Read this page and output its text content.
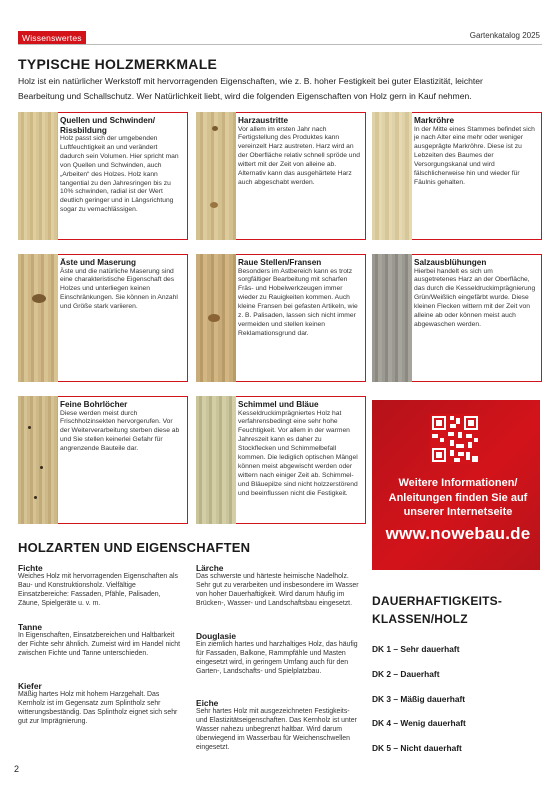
Wissenswertes	Gartenkatalog 2025
TYPISCHE HOLZMERKMALE
Holz ist ein natürlicher Werkstoff mit hervorragenden Eigenschaften, wie z. B. hoher Festigkeit bei guter Elastizität, leichter Bearbeitung und Schallschutz. Wer Natürlichkeit liebt, wird die folgenden Eigenschaften von Holz gern in Kauf nehmen.
Quellen und Schwinden/ Rissbildung
Holz passt sich der umgebenden Luftfeuchtigkeit an und verändert dadurch sein Volumen. Hier spricht man von Quellen und Schwinden, auch „Arbeiten“ des Holzes. Holz kann tangential zu den Jahresringen bis zu 10% schwinden, radial ist der Wert deutlich geringer und in Längsrichtung sogar zu vernachlässigen.
Harzaustritte
Vor allem im ersten Jahr nach Fertigstellung des Produktes kann vereinzelt Harz austreten. Harz wird an der Oberfläche relativ schnell spröde und wittert mit der Zeit von alleine ab. Alternativ kann das ausgehärtete Harz auch abgeschabt werden.
Markröhre
In der Mitte eines Stammes befindet sich je nach Alter eine mehr oder weniger ausgeprägte Markröhre. Diese ist zu Lebzeiten des Baumes der Versorgungskanal und wird fälschlicherweise hin und wieder für Fäulnis gehalten.
Äste und Maserung
Äste und die natürliche Maserung sind eine charakteristische Eigenschaft des Holzes und unterliegen keinen Einschränkungen. Sie können in Anzahl und Größe stark variieren.
Raue Stellen/Fransen
Besonders im Astbereich kann es trotz sorgfältiger Bearbeitung mit scharfen Fräs- und Hobelwerkzeugen immer wieder zu Rauigkeiten kommen. Auch kleine Fransen bei gefasten Artikeln, wie z. B. Palisaden, lassen sich nicht immer vermeiden und stellen keinen Reklamationsgrund dar.
Salzausblühungen
Hierbei handelt es sich um ausgetretenes Harz an der Oberfläche, das durch die Kesseldruckimprägnierung Grün/Weißlich eingefärbt wurde. Diese kleinen Flecken wittern mit der Zeit von alleine ab oder können meist auch abgewaschen werden.
Feine Bohrlöcher
Diese werden meist durch Frischholzinsekten hervorgerufen. Vor der Weiterverarbeitung sterben diese ab und Sie stellen keinerlei Gefahr für angrenzende Bauteile dar.
Schimmel und Bläue
Kesseldruckimprägniertes Holz hat verfahrensbedingt eine sehr hohe Feuchtigkeit. Vor allem in der warmen Jahreszeit kann es daher zu Stockflecken und Schimmelbefall kommen. Die lediglich optischen Mängel können meist abgewischt werden oder wittern nach einiger Zeit ab. Schimmel- und Bläuepilze sind nicht holzzerstörend und beeinflussen nicht die Festigkeit.
Weitere Informationen/ Anleitungen finden Sie auf unserer Internetseite
www.nowebau.de
HOLZARTEN UND EIGENSCHAFTEN
Fichte
Weiches Holz mit hervorragenden Eigenschaften als Bau- und Konstruktionsholz. Vielfältige Einsatzbereiche: Fassaden, Pfähle, Palisaden, Zäune, Spielgeräte u. v. m.
Tanne
In Eigenschaften, Einsatzbereichen und Haltbarkeit der Fichte sehr ähnlich. Zumeist wird im Handel nicht zwischen Fichte und Tanne unterschieden.
Kiefer
Mäßig hartes Holz mit hohem Harzgehalt. Das Kernholz ist im Gegensatz zum Splintholz sehr witterungsbeständig. Das Splintholz eignet sich sehr gut zur Imprägnierung.
Lärche
Das schwerste und härteste heimische Nadelholz. Sehr gut zu verarbeiten und insbesondere im Wasser von hoher Dauerhaftigkeit. Wird darum häufig im Brücken-, Wasser- und Landschaftsbau eingesetzt.
Douglasie
Ein ziemlich hartes und harzhaltiges Holz, das häufig für Fassaden, Balkone, Rammpfähle und Masten eingesetzt wird, in geringem Umfang auch für den Garten-, Landschafts- und Spielplatzbau.
Eiche
Sehr hartes Holz mit ausgezeichneten Festigkeits- und Elastizitätseigenschaften. Das Kernholz ist unter Wasser nahezu unbegrenzt haltbar. Wird darum überwiegend im Wasserbau für Weichenschwellen eingesetzt.
DAUERHAFTIGKEITS- KLASSEN/HOLZ
DK 1 – Sehr dauerhaft
DK 2 – Dauerhaft
DK 3 – Mäßig dauerhaft
DK 4 – Wenig dauerhaft
DK 5 – Nicht dauerhaft
2
